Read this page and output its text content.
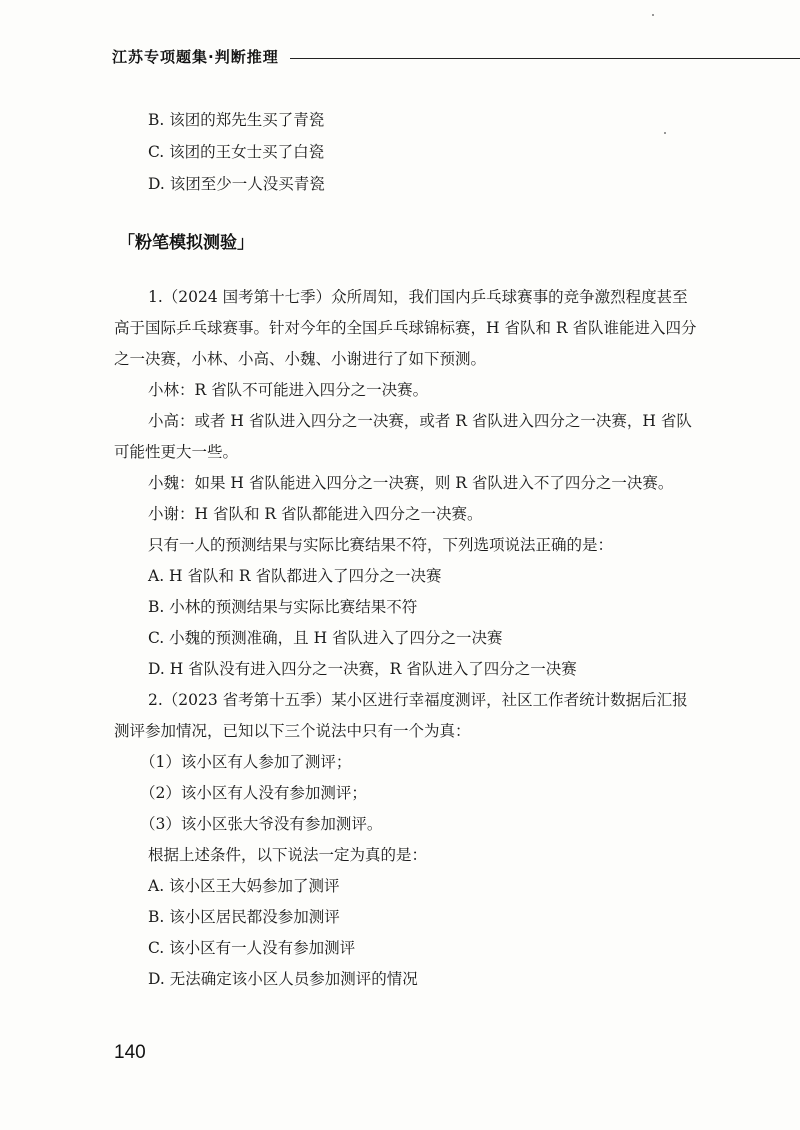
江苏专项题集·判断推理
B. 该团的郑先生买了青瓷
C. 该团的王女士买了白瓷
D. 该团至少一人没买青瓷
「粉笔模拟测验」
1.（2024 国考第十七季）众所周知，我们国内乒乓球赛事的竞争激烈程度甚至
高于国际乒乓球赛事。针对今年的全国乒乓球锦标赛，H 省队和 R 省队谁能进入四分
之一决赛，小林、小高、小魏、小谢进行了如下预测。
小林：R 省队不可能进入四分之一决赛。
小高：或者 H 省队进入四分之一决赛，或者 R 省队进入四分之一决赛，H 省队
可能性更大一些。
小魏：如果 H 省队能进入四分之一决赛，则 R 省队进入不了四分之一决赛。
小谢：H 省队和 R 省队都能进入四分之一决赛。
只有一人的预测结果与实际比赛结果不符，下列选项说法正确的是：
A. H 省队和 R 省队都进入了四分之一决赛
B. 小林的预测结果与实际比赛结果不符
C. 小魏的预测准确，且 H 省队进入了四分之一决赛
D. H 省队没有进入四分之一决赛，R 省队进入了四分之一决赛
2.（2023 省考第十五季）某小区进行幸福度测评，社区工作者统计数据后汇报
测评参加情况，已知以下三个说法中只有一个为真：
（1）该小区有人参加了测评；
（2）该小区有人没有参加测评；
（3）该小区张大爷没有参加测评。
根据上述条件，以下说法一定为真的是：
A. 该小区王大妈参加了测评
B. 该小区居民都没参加测评
C. 该小区有一人没有参加测评
D. 无法确定该小区人员参加测评的情况
140
